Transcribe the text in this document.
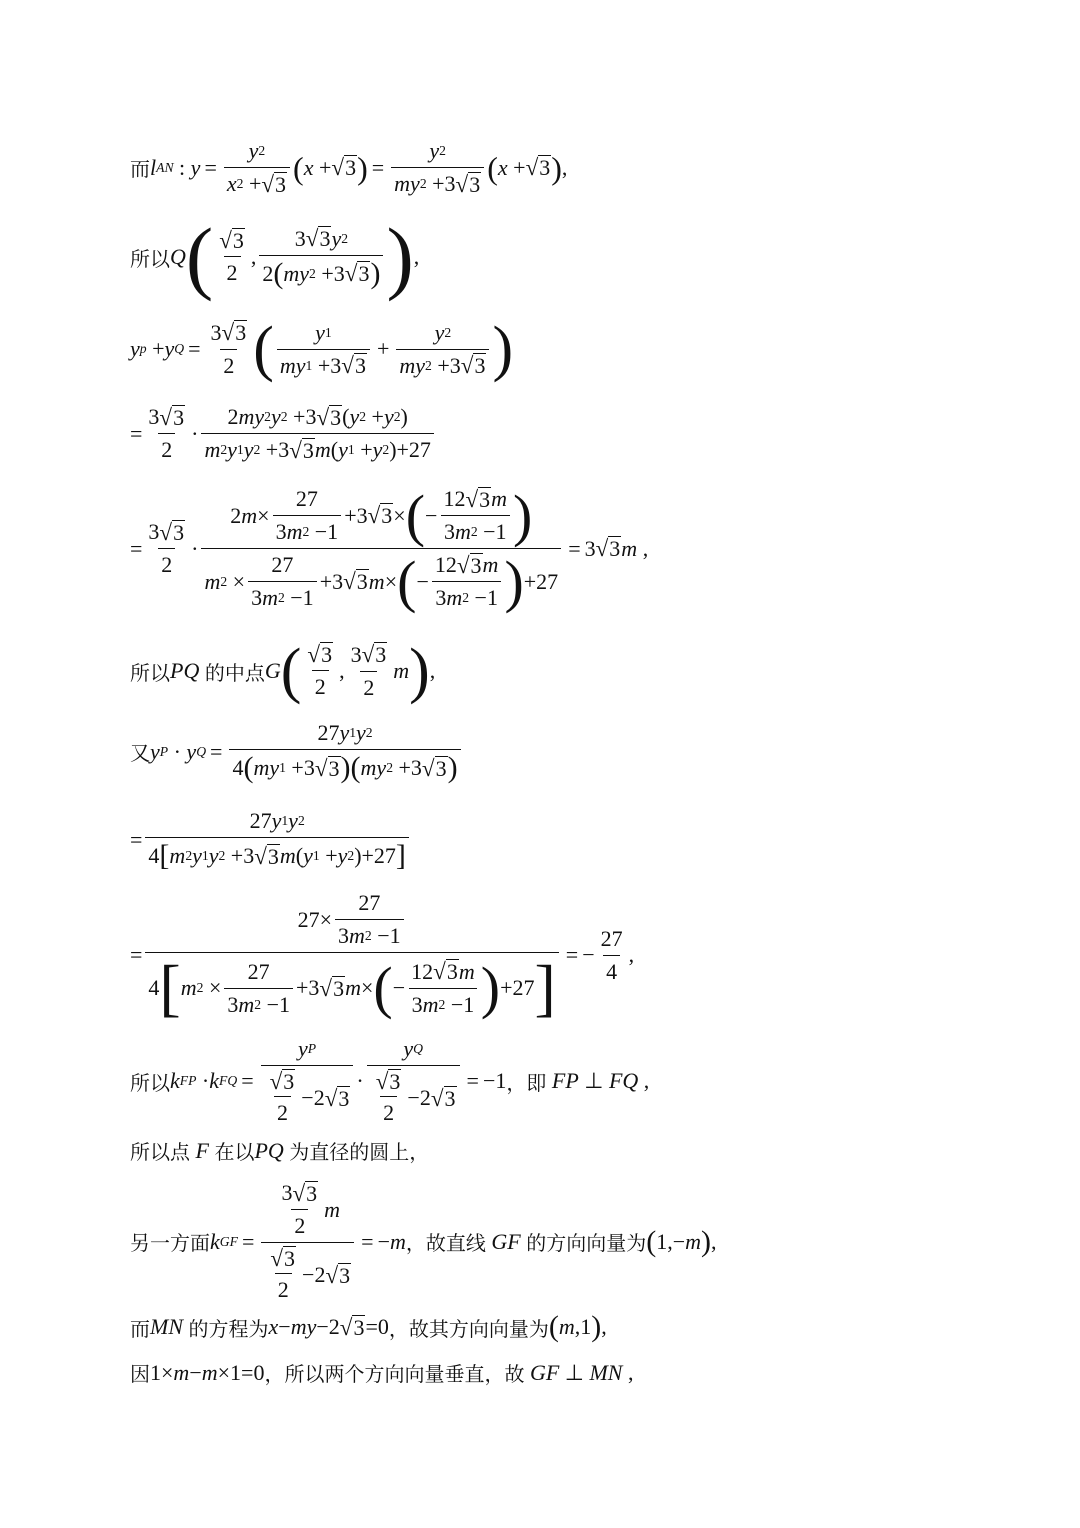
而 l AN : $y = \frac{y 2}{x 2 + √ 3}$ ( x + √ 3 ) = $\frac{y 2}{my 2 +3 √ 3}$ ( x + √ 3 ) ,
所以 Q ( $\frac{√ 3}{2}$ , $\frac{3 √ 3 y 2}{2 ( my 2 +3 √ 3 )}$ ) ,
y p + y $Q = \frac{3 √ 3}{2}$ ( $\frac{y 1}{my 1 +3 √ 3} + \frac{y 2}{my 2 +3 √ 3}$ )
= $\frac{3 √ 3}{2} \cdot \frac{2 my 2 y 2 +3 √ 3 ( y 2 + y 2 )}{m 2 y 1 y 2 +3 √ 3 m ( y 1 + y 2 )+27}$
= $\frac{3 √ 3}{2} \cdot \frac{2 m \times \frac{27}{3 m 2 -1} +3 √ 3 \times ( - \frac{12 √ 3 m}{3 m 2 -1} )}{m 2 \times \frac{27}{3 m 2 -1} +3 √ 3 m \times ( - \frac{12 √ 3 m}{3 m 2 -1} ) +27} = 3$ √ 3 m ,
所以 PQ
的中点 G ( $\frac{√ 3}{2}$ , $\frac{3 √ 3}{2}$ m ) ,
又 y P · y $Q = \frac{27 y 1 y 2}{4 ( my 1 +3 √ 3 ) ( my 2 +3 √ 3 )}$
= $\frac{27 y 1 y 2}{4 [ m 2 y 1 y 2 +3 √ 3 m ( y 1 + y 2 )+27 ]}$
= $\frac{27\times \frac{27}{3 m 2 -1}}{4 [ m 2 \times \frac{27}{3 m 2 -1} +3 √ 3 m \times ( - \frac{12 √ 3 m}{3 m 2 -1} ) +27 ]}$ = − $\frac{27}{4}$ ,
所以 k FP · k FQ = $\frac{\text{y P}}{\frac{√ 3}{2} -2 √ 3} \cdot \frac{\text{y Q}}{\frac{√ 3}{2} -2 √ 3} = -1$ ，即
FP ⊥ FQ ,
所以点
F
在以 PQ
为直径的圆上，
另一方面 k GF = $\frac{\frac{3 √ 3}{2} m}{\frac{√ 3}{2} -2 √ 3}$ = − m ，故直线
GF
的方向向量为 ( 1,− m ) ,
而 MN
的方程为 x − my −2 √ 3 =0 ，故其方向向量为 ( m ,1 ) ,
因 1× m − m ×1=0 ，所以两个方向向量垂直，故
GF ⊥ MN ,
